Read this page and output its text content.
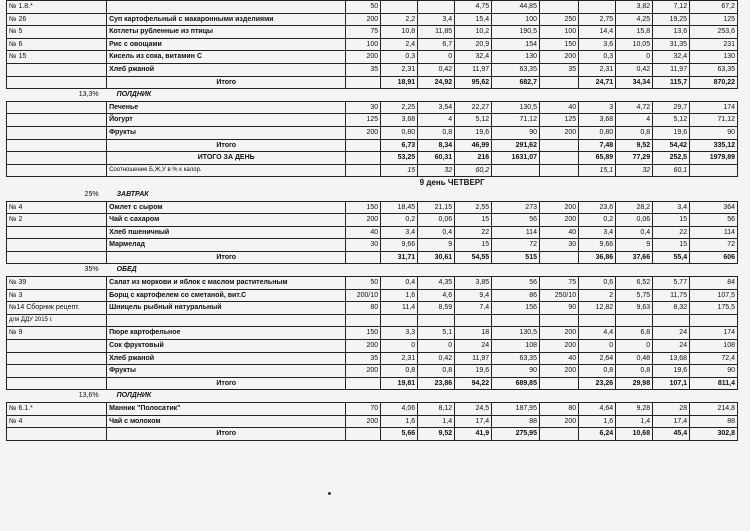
№ 1.8.*		50			4,75	44,85			3,82	7,12	67,2
№ 26	Суп картофельный с макаронными изделиями	200	2,2	3,4	15,4	100	250	2,75	4,25	19,25	125
№ 5	Котлеты рубленные из птицы	75	10,8	11,85	10,2	190,5	100	14,4	15,8	13,6	253,6
№ 6	Рис с овощами	100	2,4	6,7	20,9	154	150	3,6	10,05	31,35	231
№ 15	Кисель из сока, витамин С	200	0,3	0	32,4	130	200	0,3	0	32,4	130
	Хлеб ржаной	35	2,31	0,42	11,97	63,35	35	2,31	0,42	11,97	63,35
	Итого		18,91	24,92	95,62	682,7		24,71	34,34	115,7	870,22
13,3%	ПОЛДНИК										
	Печенье	30	2,25	3,54	22,27	130,5	40	3	4,72	29,7	174
	Йогурт	125	3,68	4	5,12	71,12	125	3,68	4	5,12	71,12
	Фрукты	200	0,80	0,8	19,6	90	200	0,80	0,8	19,6	90
	Итого		6,73	8,34	46,99	291,62		7,48	9,52	54,42	335,12
	ИТОГО ЗА ДЕНЬ		53,25	60,31	216	1631,07		65,89	77,29	252,5	1979,89
	Соотношение Б,Ж,У в % к калор.		15	32	60,2			15,1	32	60,1	
				9 день ЧЕТВЕРГ							
25%	ЗАВТРАК										
№ 4	Омлет с сыром	150	18,45	21,15	2,55	273	200	23,6	28,2	3,4	364
№ 2	Чай с сахаром	200	0,2	0,06	15	56	200	0,2	0,06	15	56
	Хлеб пшеничный	40	3,4	0,4	22	114	40	3,4	0,4	22	114
	Мармелад	30	9,66	9	15	72	30	9,66	9	15	72
	Итого		31,71	30,61	54,55	515		36,86	37,66	55,4	606
35%	ОБЕД										
№ 39	Салат из моркови и яблок с маслом растительным	50	0,4	4,35	3,85	56	75	0,6	6,52	5,77	84
№ 3	Борщ с картофелем со сметаной, вит.С	200/10	1,6	4,6	9,4	86	250/10	2	5,75	11,75	107,5
№14 Сборник рецепт.	Шницель рыбный натуральный	80	11,4	8,59	7,4	156	90	12,82	9,63	8,32	175,5
для ДДУ 2015 г.											
№ 9	Пюре картофельное	150	3,3	5,1	18	130,5	200	4,4	6,8	24	174
	Сок фруктовый	200	0	0	24	108	200	0	0	24	108
	Хлеб ржаной	35	2,31	0,42	11,97	63,35	40	2,64	0,48	13,68	72,4
	Фрукты	200	0,8	0,8	19,6	90	200	0,8	0,8	19,6	90
	Итого		19,81	23,86	94,22	689,85		23,26	29,98	107,1	811,4
13,6%	ПОЛДНИК										
№ 6.1.*	Манник "Полосатик"	70	4,06	8,12	24,5	187,95	80	4,64	9,28	28	214,8
№ 4	Чай с молоком	200	1,6	1,4	17,4	88	200	1,6	1,4	17,4	88
	Итого		5,66	9,52	41,9	275,95		6,24	10,68	45,4	302,8
